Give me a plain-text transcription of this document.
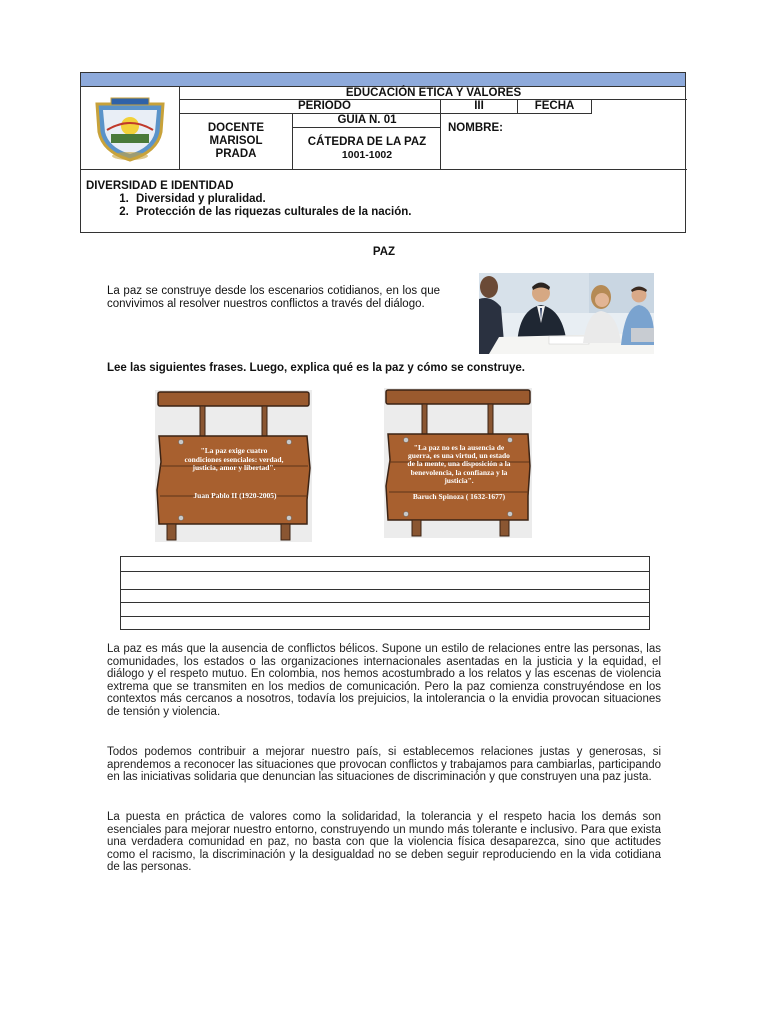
EDUCACIÓN ETICA Y VALORES
PERIODO	III	FECHA
DOCENTE
MARISOL
PRADA
GUIA N. 01
CÁTEDRA DE LA PAZ
1001-1002
NOMBRE:
DIVERSIDAD E IDENTIDAD
1. Diversidad y pluralidad.
2. Protección de las riquezas culturales de la nación.
PAZ
La paz se construye desde los escenarios cotidianos, en los que convivimos al resolver nuestros conflictos a través del diálogo.
Lee las siguientes frases. Luego, explica qué es la paz y cómo se construye.
"La paz exige cuatro condiciones esenciales: verdad, justicia, amor y libertad".
Juan Pablo II (1920-2005)
"La paz no es la ausencia de guerra, es una virtud, un estado de la mente, una disposición a la benevolencia, la confianza y la justicia".
Baruch Spinoza ( 1632-1677)
La paz es más que la ausencia de conflictos bélicos. Supone un estilo de relaciones entre las personas, las comunidades, los estados o las organizaciones internacionales asentadas en la justicia y la equidad, el diálogo y el respeto mutuo. En colombia, nos hemos acostumbrado a los relatos y las escenas de violencia extrema que se transmiten en los medios de comunicación. Pero la paz comienza construyéndose en los contextos más cercanos a nosotros, todavía los prejuicios, la intolerancia o la envidia provocan situaciones de tensión y violencia.
Todos podemos contribuir a mejorar nuestro país, si establecemos relaciones justas y generosas, si aprendemos a reconocer las situaciones que provocan conflictos y trabajamos para cambiarlas, participando en las iniciativas solidaria que denuncian las situaciones de discriminación y que construyen una paz justa.
La puesta en práctica de valores como la solidaridad, la tolerancia y el respeto hacia los demás son esenciales para mejorar nuestro entorno, construyendo un mundo más tolerante e inclusivo. Para que exista una verdadera comunidad en paz, no basta con que la violencia física desaparezca, sino que actitudes como el racismo, la discriminación y la desigualdad no se deben seguir reproduciendo en la vida cotidiana de las personas.
